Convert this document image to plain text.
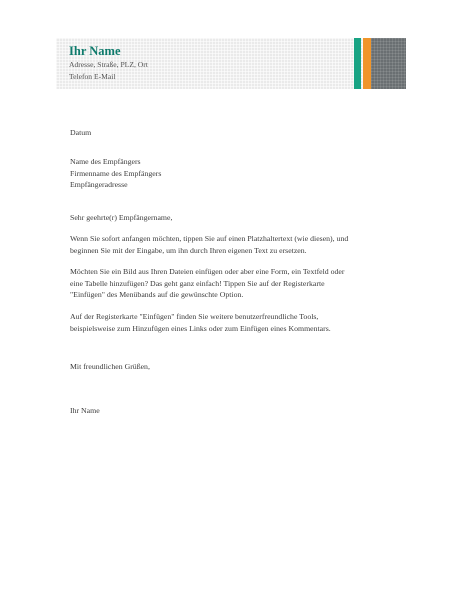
Ihr Name
Adresse, Straße, PLZ, Ort
Telefon E-Mail
Datum
Name des Empfängers
Firmenname des Empfängers
Empfängeradresse
Sehr geehrte(r) Empfängername,
Wenn Sie sofort anfangen möchten, tippen Sie auf einen Platzhaltertext (wie diesen), und
beginnen Sie mit der Eingabe, um ihn durch Ihren eigenen Text zu ersetzen.
Möchten Sie ein Bild aus Ihren Dateien einfügen oder aber eine Form, ein Textfeld oder
eine Tabelle hinzufügen? Das geht ganz einfach! Tippen Sie auf der Registerkarte
"Einfügen" des Menübands auf die gewünschte Option.
Auf der Registerkarte "Einfügen" finden Sie weitere benutzerfreundliche Tools,
beispielsweise zum Hinzufügen eines Links oder zum Einfügen eines Kommentars.
Mit freundlichen Grüßen,
Ihr Name
